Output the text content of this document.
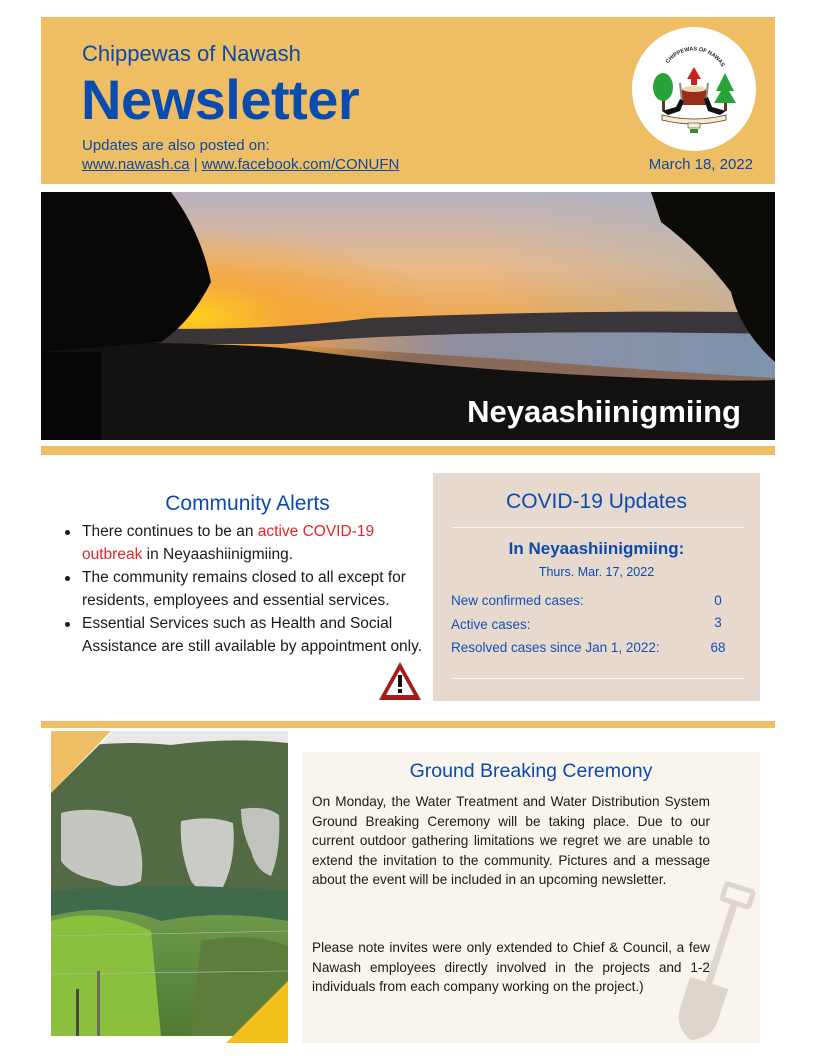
Chippewas of Nawash
Newsletter
Updates are also posted on:
www.nawash.ca | www.facebook.com/CONUFN	March 18, 2022
CHIPPEWAS OF NAWAS
Neyaashiinigmiing
Community Alerts
There continues to be an active COVID-19 outbreak in Neyaashiinigmiing.
The community remains closed to all except for residents, employees and essential services.
Essential Services such as Health and Social Assistance are still available by appointment only.
COVID-19 Updates
In Neyaashiinigmiing:
Thurs. Mar. 17, 2022
New confirmed cases:	0
Active cases:	3
Resolved cases since Jan 1, 2022:	68
Ground Breaking Ceremony

On Monday, the Water Treatment and Water Distribution System Ground Breaking Ceremony will be taking place. Due to our current outdoor gathering limitations we regret we are unable to extend the invitation to the community. Pictures and a message about the event will be included in an upcoming newsletter.

Please note invites were only extended to Chief & Council, a few Nawash employees directly involved in the projects and 1-2 individuals from each company working on the project.)
